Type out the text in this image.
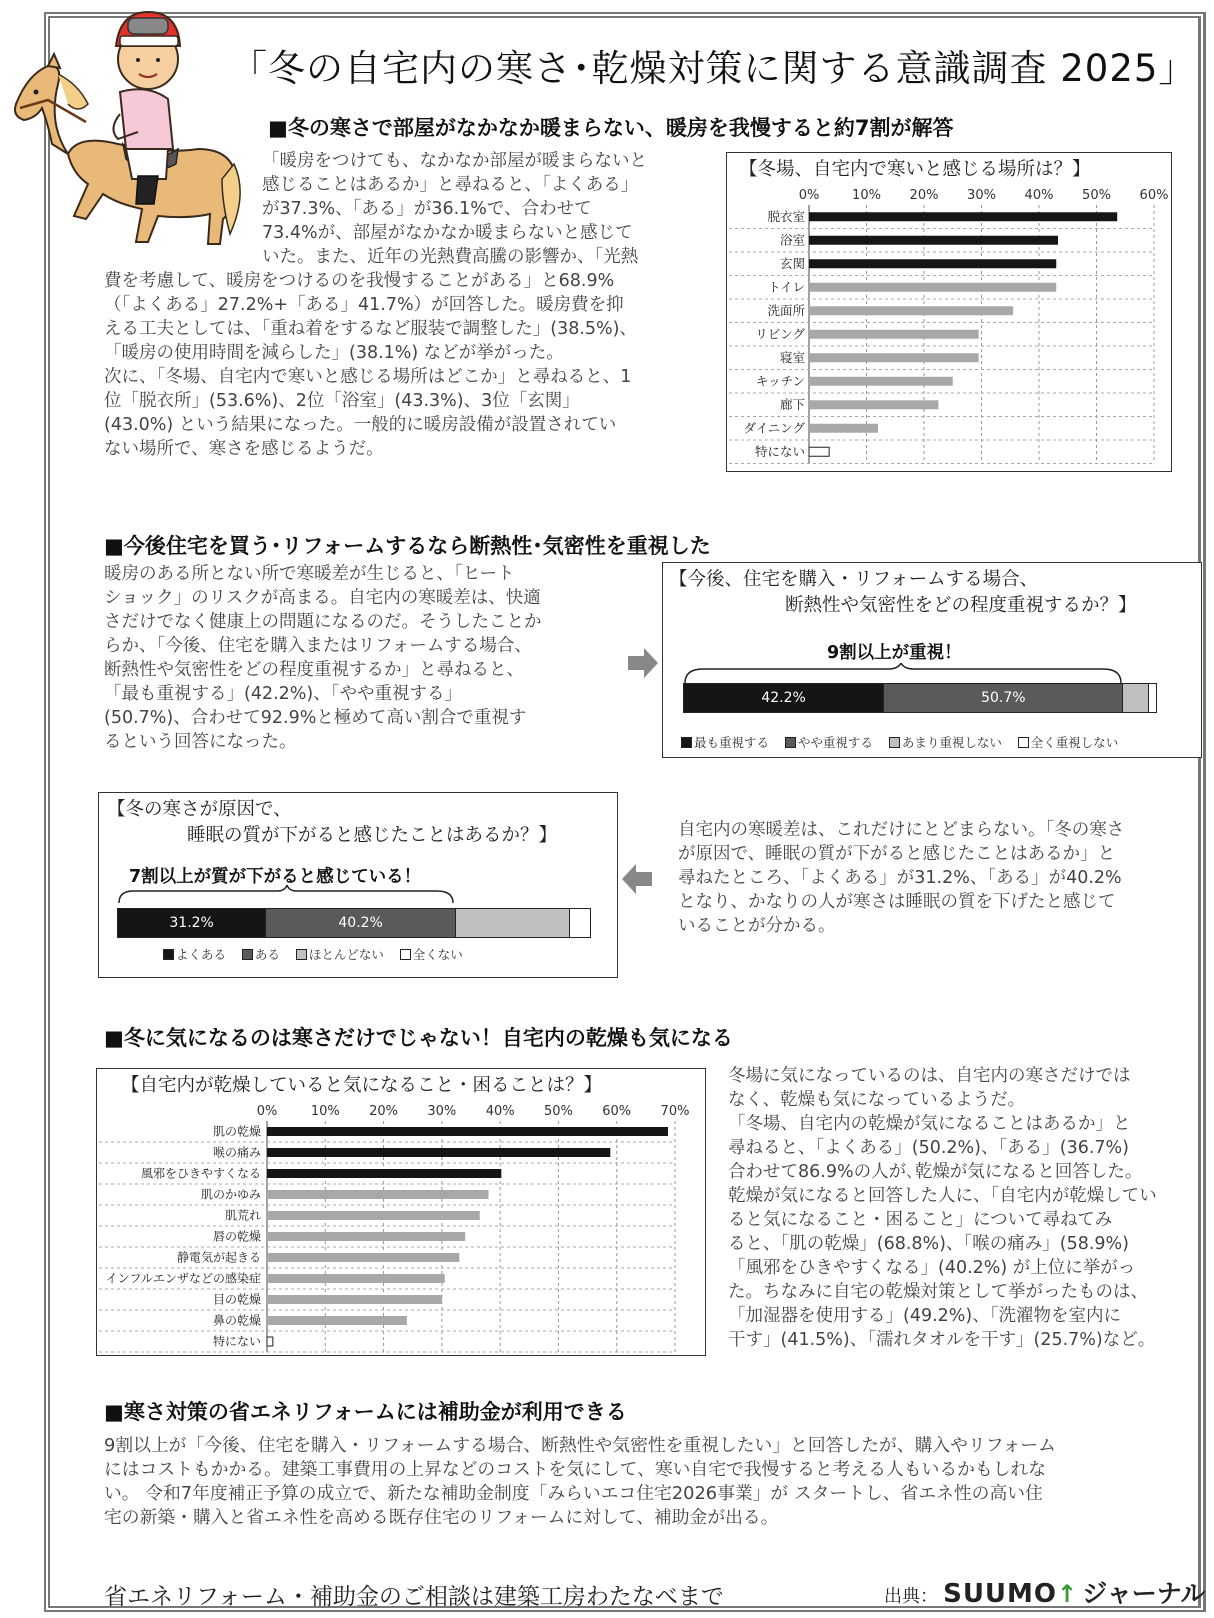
「冬の自宅内の寒さ･乾燥対策に関する意識調査 2025」
■冬の寒さで部屋がなかなか暖まらない、暖房を我慢すると約7割が解答
「暖房をつけても、なかなか部屋が暖まらないと
感じることはあるか」と尋ねると、「よくある」
が37.3%、「ある」が36.1%で、合わせて
73.4%が、部屋がなかなか暖まらないと感じて
いた。また、近年の光熱費高騰の影響か、「光熱
費を考慮して、暖房をつけるのを我慢することがある」と68.9%
（「よくある」27.2%+「ある」41.7%）が回答した。暖房費を抑
える工夫としては、「重ね着をするなど服装で調整した」(38.5%)、
「暖房の使用時間を減らした」(38.1%) などが挙がった。
次に、「冬場、自宅内で寒いと感じる場所はどこか」と尋ねると、1
位「脱衣所」(53.6%)、2位「浴室」(43.3%)、3位「玄関」
(43.0%) という結果になった。一般的に暖房設備が設置されてい
ない場所で、寒さを感じるようだ。
【冬場、自宅内で寒いと感じる場所は？】
0%	10% 20% 30% 40% 50% 60%
脱衣室
浴室
玄関
トイレ
洗面所
リビング
寝室
キッチン
廊下
ダイニング
特にない
■今後住宅を買う･リフォームするなら断熱性･気密性を重視した
暖房のある所とない所で寒暖差が生じると、「ヒート
ショック」のリスクが高まる。自宅内の寒暖差は、快適
さだけでなく健康上の問題になるのだ。そうしたことか
らか、「今後、住宅を購入またはリフォームする場合、
断熱性や気密性をどの程度重視するか」と尋ねると、
「最も重視する」(42.2%)、「やや重視する」
(50.7%)、合わせて92.9%と極めて高い割合で重視す
るという回答になった。
【今後、住宅を購入・リフォームする場合、
断熱性や気密性をどの程度重視するか？】
9割以上が重視！
42.2%	50.7%
最も重視する やや重視する あまり重視しない 全く重視しない
【冬の寒さが原因で、
睡眠の質が下がると感じたことはあるか？】
7割以上が質が下がると感じている！
31.2%	40.2%
よくある ある ほとんどない 全くない
自宅内の寒暖差は、これだけにとどまらない。「冬の寒さ
が原因で、睡眠の質が下がると感じたことはあるか」と
尋ねたところ、「よくある」が31.2%、「ある」が40.2%
となり、かなりの人が寒さは睡眠の質を下げたと感じて
いることが分かる。
■冬に気になるのは寒さだけでじゃない！自宅内の乾燥も気になる
【自宅内が乾燥していると気になること・困ることは？】
0%	10% 20% 30% 40% 50% 60% 70%
肌の乾燥
喉の痛み
風邪をひきやすくなる
肌のかゆみ
肌荒れ
唇の乾燥
静電気が起きる
インフルエンザなどの感染症
目の乾燥
鼻の乾燥
特にない
冬場に気になっているのは、自宅内の寒さだけでは
なく、乾燥も気になっているようだ。
「冬場、自宅内の乾燥が気になることはあるか」と
尋ねると、「よくある」(50.2%)、「ある」(36.7%)
合わせて86.9%の人が､乾燥が気になると回答した。
乾燥が気になると回答した人に、「自宅内が乾燥してい
ると気になること・困ること」について尋ねてみ
ると、「肌の乾燥」(68.8%)、「喉の痛み」(58.9%)
「風邪をひきやすくなる」(40.2%) が上位に挙がっ
た。ちなみに自宅の乾燥対策として挙がったものは、
「加湿器を使用する」(49.2%)、「洗濯物を室内に
干す」(41.5%)、「濡れタオルを干す」(25.7%)など。
■寒さ対策の省エネリフォームには補助金が利用できる
9割以上が「今後、住宅を購入・リフォームする場合、断熱性や気密性を重視したい」と回答したが、購入やリフォーム
にはコストもかかる。建築工事費用の上昇などのコストを気にして、寒い自宅で我慢すると考える人もいるかもしれな
い。 令和7年度補正予算の成立で、新たな補助金制度「みらいエコ住宅2026事業」が スタートし、省エネ性の高い住
宅の新築・購入と省エネ性を高める既存住宅のリフォームに対して、補助金が出る。
省エネリフォーム・補助金のご相談は建築工房わたなべまで	出典： SUUMO↑ ジャーナル
